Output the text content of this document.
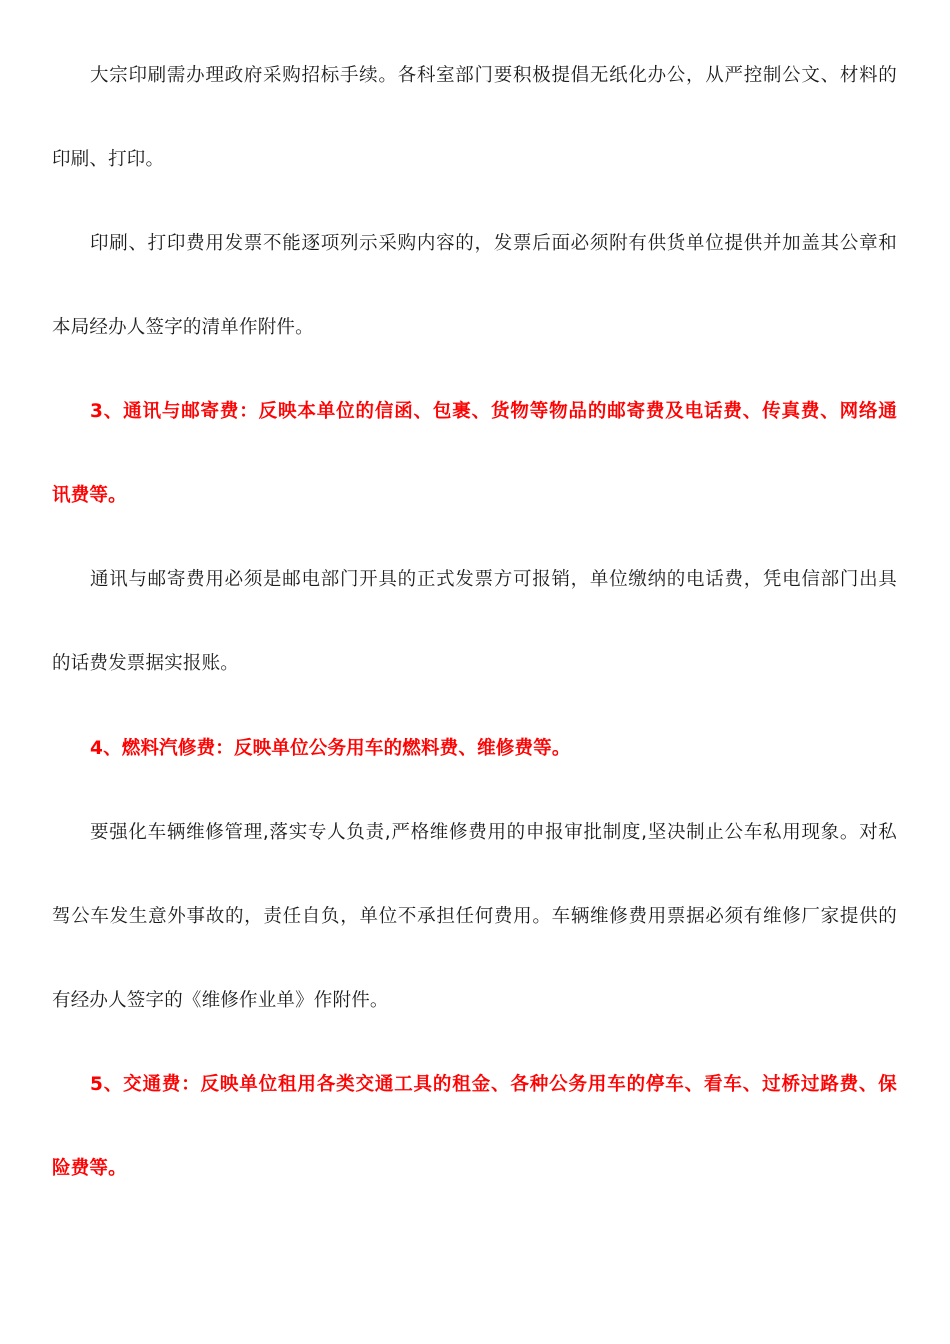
大宗印刷需办理政府采购招标手续。各科室部门要积极提倡无纸化办公，从严控制公文、材料的
印刷、打印。
印刷、打印费用发票不能逐项列示采购内容的，发票后面必须附有供货单位提供并加盖其公章和
本局经办人签字的清单作附件。
3、通讯与邮寄费：反映本单位的信函、包裹、货物等物品的邮寄费及电话费、传真费、网络通
讯费等。
通讯与邮寄费用必须是邮电部门开具的正式发票方可报销，单位缴纳的电话费，凭电信部门出具
的话费发票据实报账。
4、燃料汽修费：反映单位公务用车的燃料费、维修费等。
要强化车辆维修管理,落实专人负责,严格维修费用的申报审批制度,坚决制止公车私用现象。对私
驾公车发生意外事故的，责任自负，单位不承担任何费用。车辆维修费用票据必须有维修厂家提供的
有经办人签字的《维修作业单》作附件。
5、交通费：反映单位租用各类交通工具的租金、各种公务用车的停车、看车、过桥过路费、保
险费等。
